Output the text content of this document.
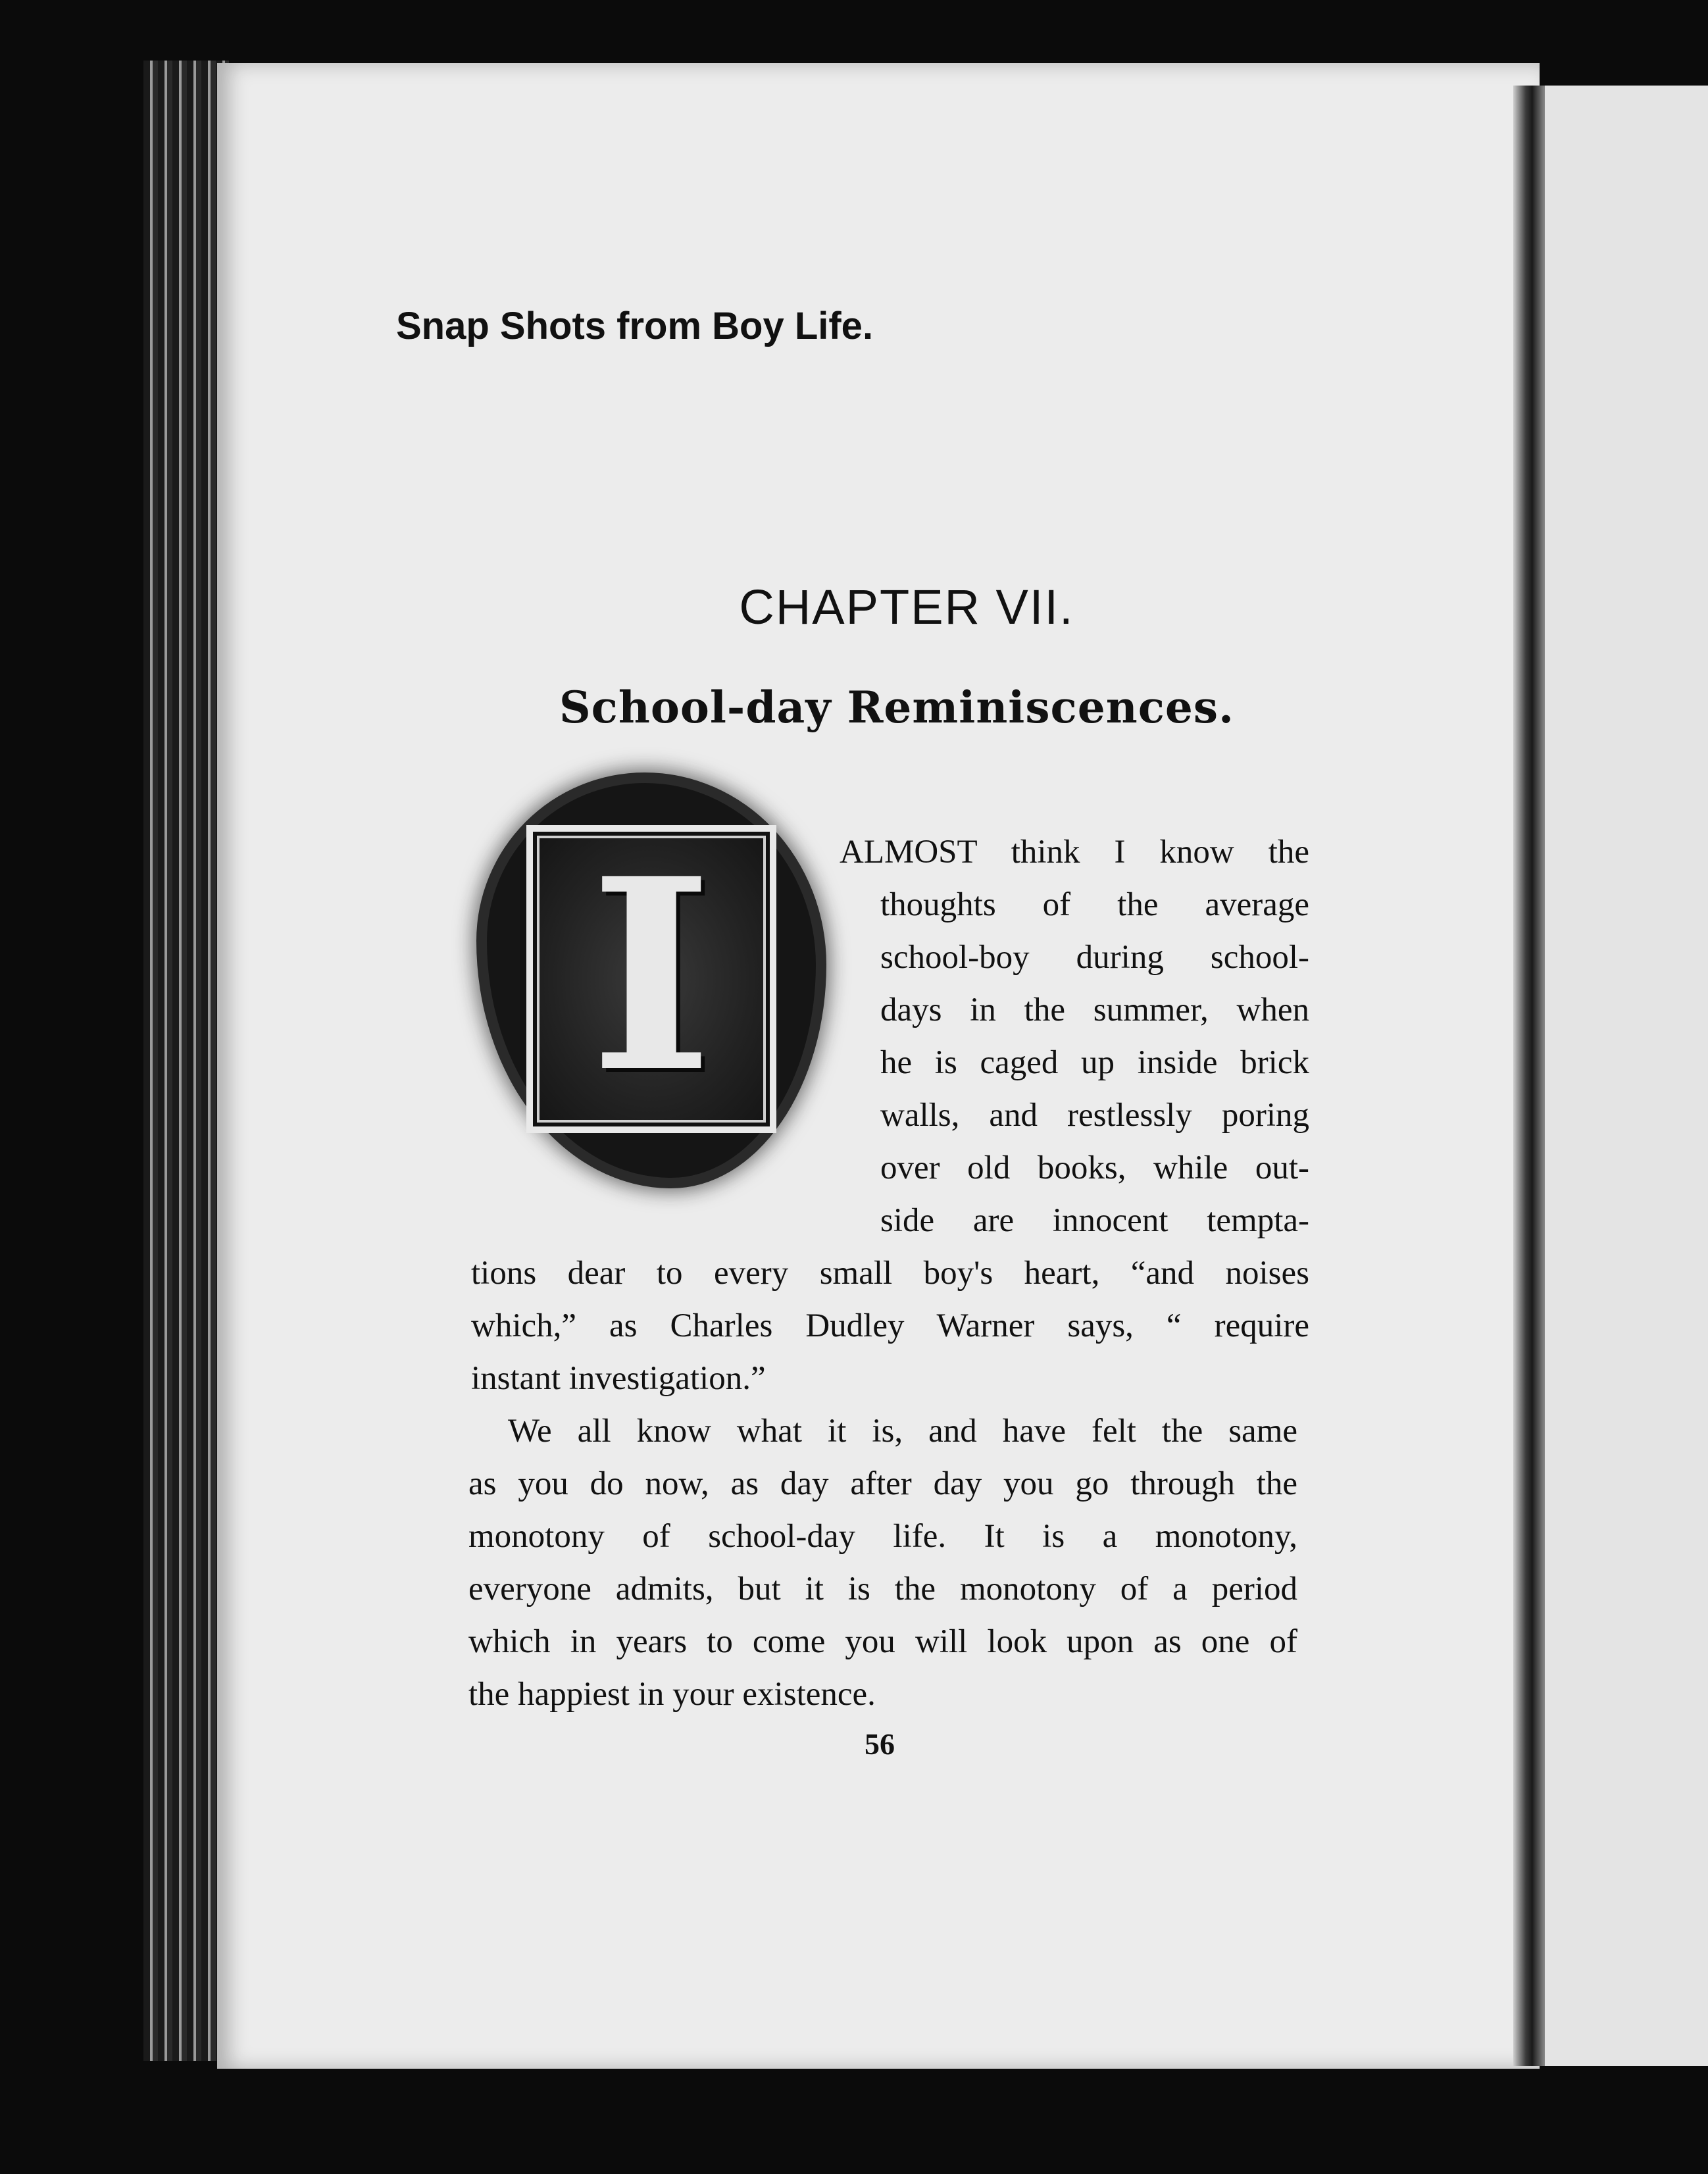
Snap Shots from Boy Life.
CHAPTER VII.
School-day Reminiscences.
I	ALMOST think I know the
thoughts of the average
school-boy during school-
days in the summer, when
he is caged up inside brick
walls, and restlessly poring
over old books, while out-
side are innocent tempta-
tions dear to every small boy's heart, “and noises
which,” as Charles Dudley Warner says, “ require
instant investigation.”
We all know what it is, and have felt the same
as you do now, as day after day you go through the
monotony of school-day life. It is a monotony,
everyone admits, but it is the monotony of a period
which in years to come you will look upon as one of
the happiest in your existence.
56
